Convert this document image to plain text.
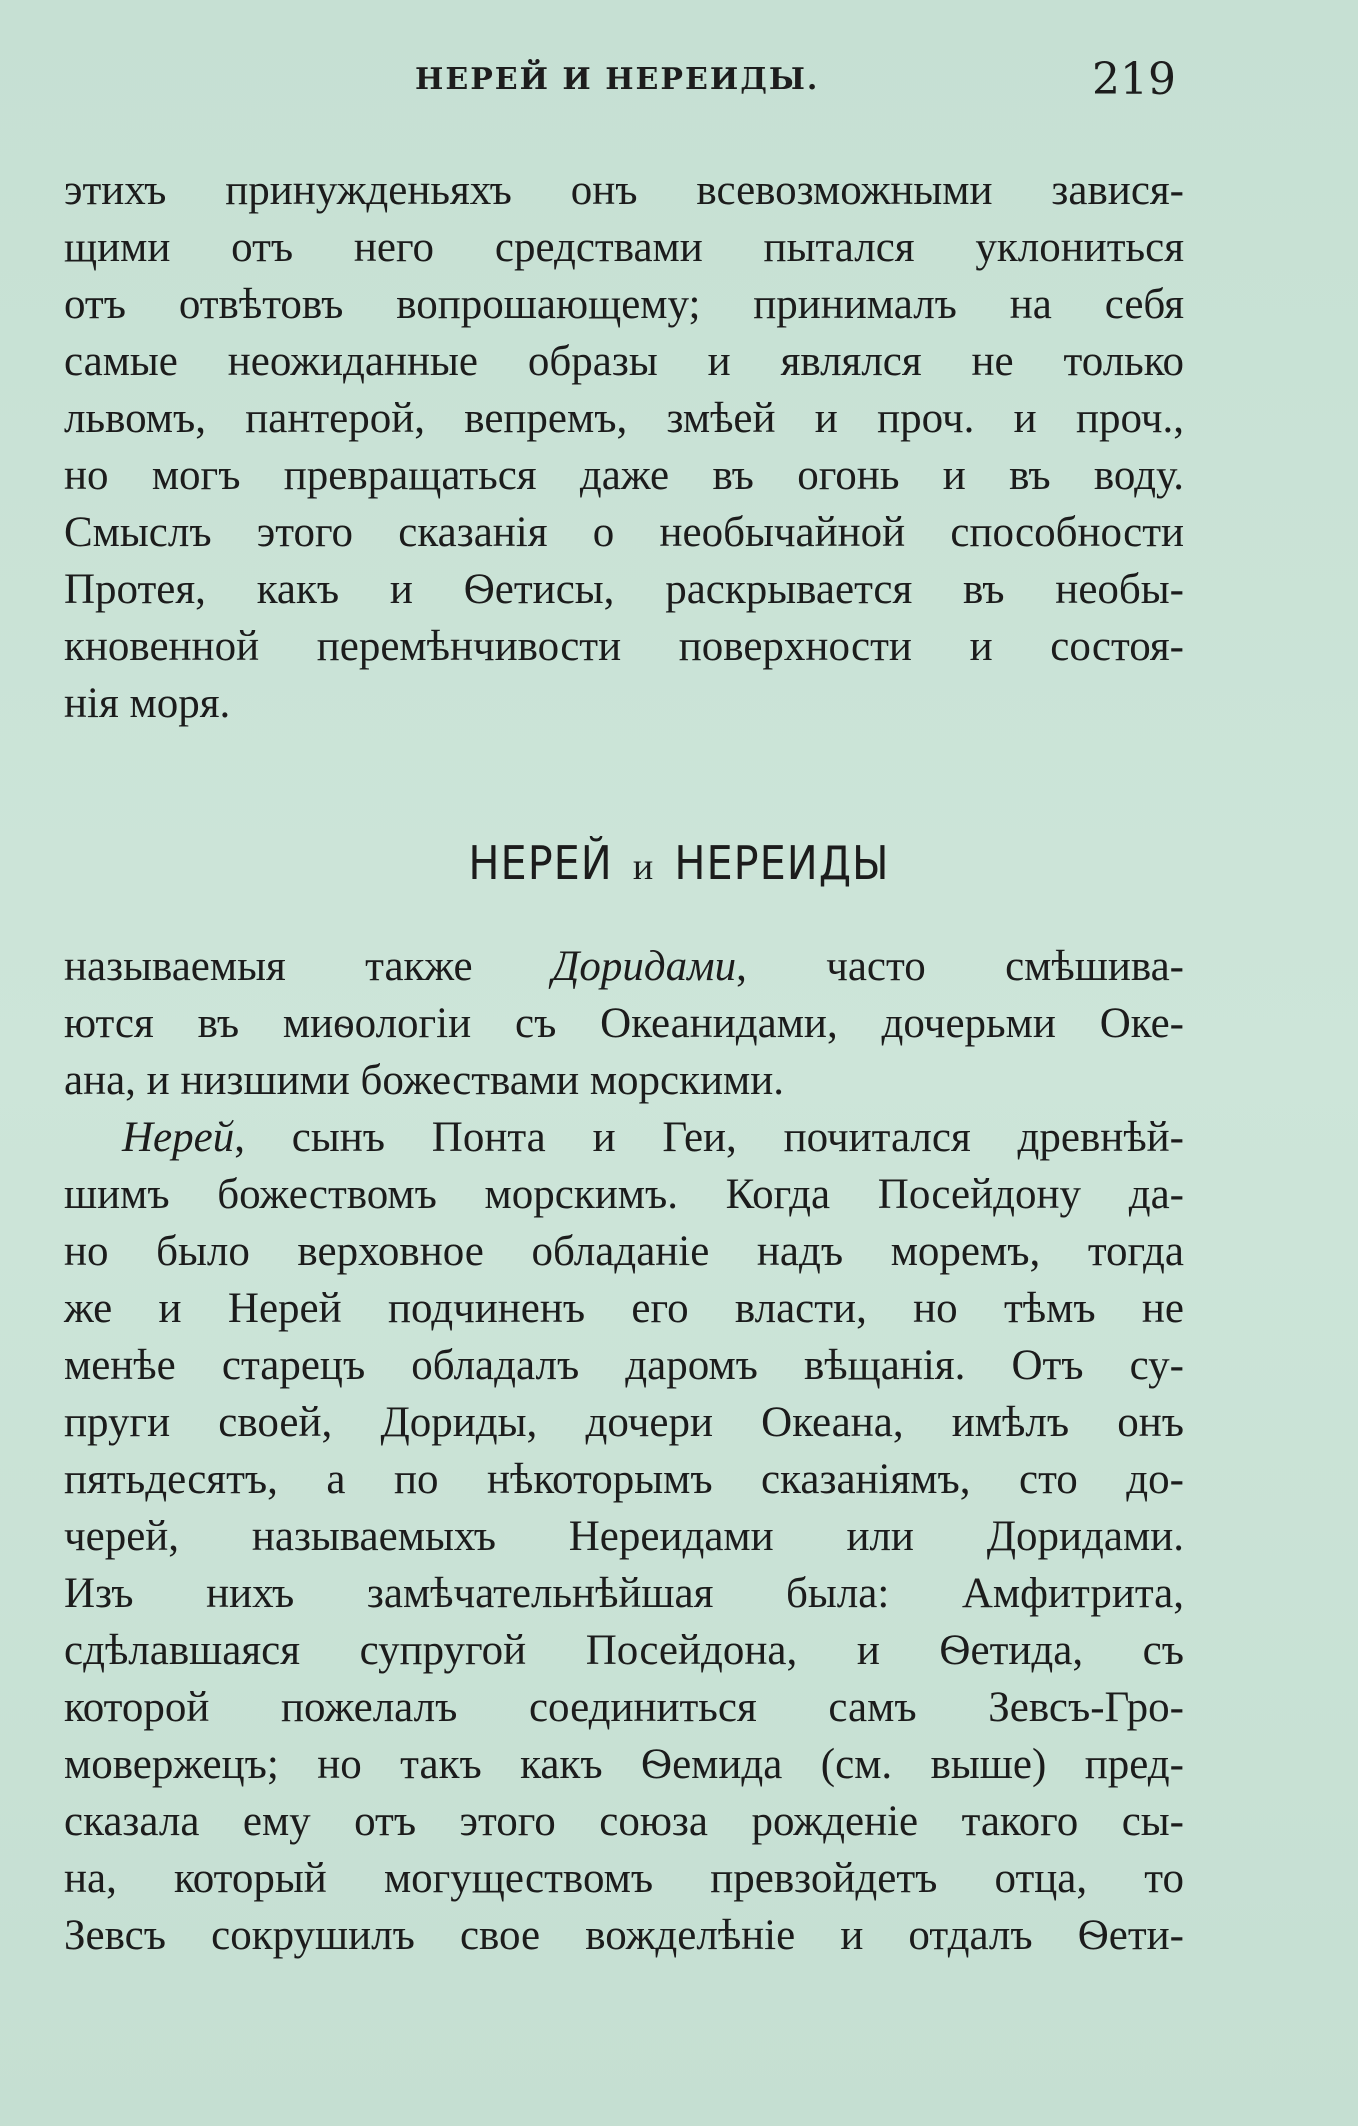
НЕРЕЙ И НЕРЕИДЫ.	219
этихъ принужденьяхъ онъ всевозможными завися-
щими отъ него средствами пытался уклониться
отъ отвѣтовъ вопрошающему; принималъ на себя
самые неожиданные образы и являлся не только
львомъ, пантерой, вепремъ, змѣей и проч. и проч.,
но могъ превращаться даже въ огонь и въ воду.
Смыслъ этого сказанія о необычайной способности
Протея, какъ и Ѳетисы, раскрывается въ необы-
кновенной перемѣнчивости поверхности и состоя-
нія моря.
НЕРЕЙ и НЕРЕИДЫ
называемыя также Доридами, часто смѣшива-
ются въ миѳологіи съ Океанидами, дочерьми Оке-
ана, и низшими божествами морскими.
Нерей, сынъ Понта и Геи, почитался древнѣй-
шимъ божествомъ морскимъ. Когда Посейдону да-
но было верховное обладаніе надъ моремъ, тогда
же и Нерей подчиненъ его власти, но тѣмъ не
менѣе старецъ обладалъ даромъ вѣщанія. Отъ су-
пруги своей, Дориды, дочери Океана, имѣлъ онъ
пятьдесятъ, а по нѣкоторымъ сказаніямъ, сто до-
черей, называемыхъ Нереидами или Доридами.
Изъ нихъ замѣчательнѣйшая была: Амфитрита,
сдѣлавшаяся супругой Посейдона, и Ѳетида, съ
которой пожелалъ соединиться самъ Зевсъ-Гро-
мовержецъ; но такъ какъ Ѳемида (см. выше) пред-
сказала ему отъ этого союза рожденіе такого сы-
на, который могуществомъ превзойдетъ отца, то
Зевсъ сокрушилъ свое вожделѣніе и отдалъ Ѳети-
